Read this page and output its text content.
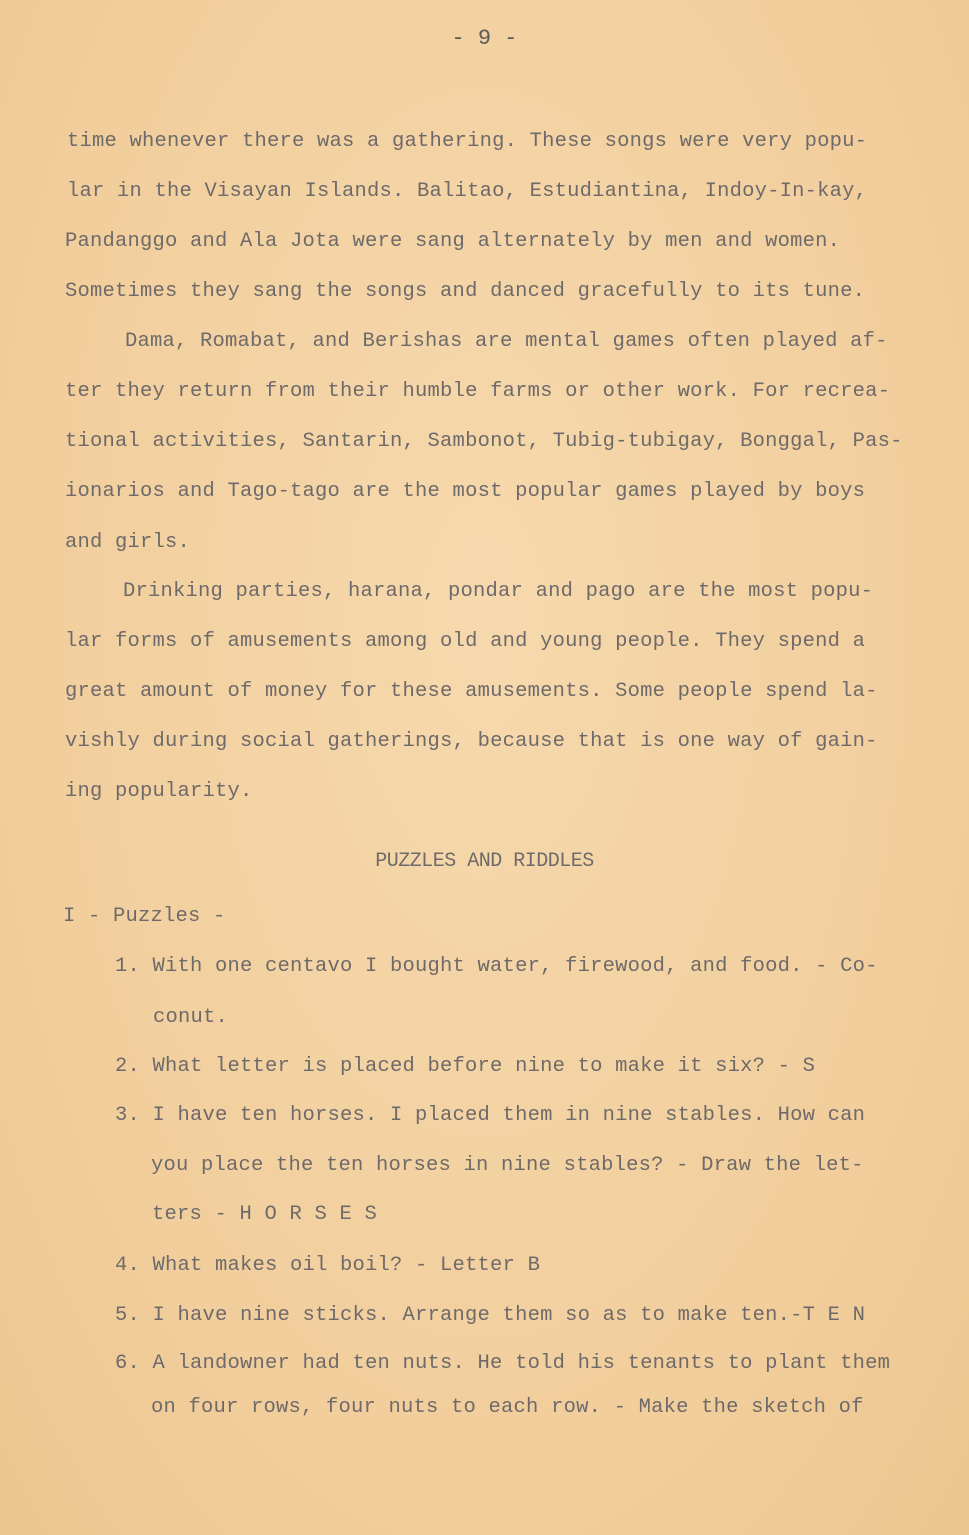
- 9 -
time whenever there was a gathering. These songs were very popu-
lar in the Visayan Islands. Balitao, Estudiantina, Indoy-In-kay,
Pandanggo and Ala Jota were sang alternately by men and women.
Sometimes they sang the songs and danced gracefully to its tune.
Dama, Romabat, and Berishas are mental games often played af-
ter they return from their humble farms or other work. For recrea-
tional activities, Santarin, Sambonot, Tubig-tubigay, Bonggal, Pas-
ionarios and Tago-tago are the most popular games played by boys
and girls.
Drinking parties, harana, pondar and pago are the most popu-
lar forms of amusements among old and young people. They spend a
great amount of money for these amusements. Some people spend la-
vishly during social gatherings, because that is one way of gain-
ing popularity.
PUZZLES AND RIDDLES
I - Puzzles -
1. With one centavo I bought water, firewood, and food. - Co-
conut.
2. What letter is placed before nine to make it six? - S
3. I have ten horses. I placed them in nine stables. How can
you place the ten horses in nine stables? - Draw the let-
ters - H O R S E S
4. What makes oil boil? - Letter B
5. I have nine sticks. Arrange them so as to make ten.-T E N
6. A landowner had ten nuts. He told his tenants to plant them
on four rows, four nuts to each row. - Make the sketch of
